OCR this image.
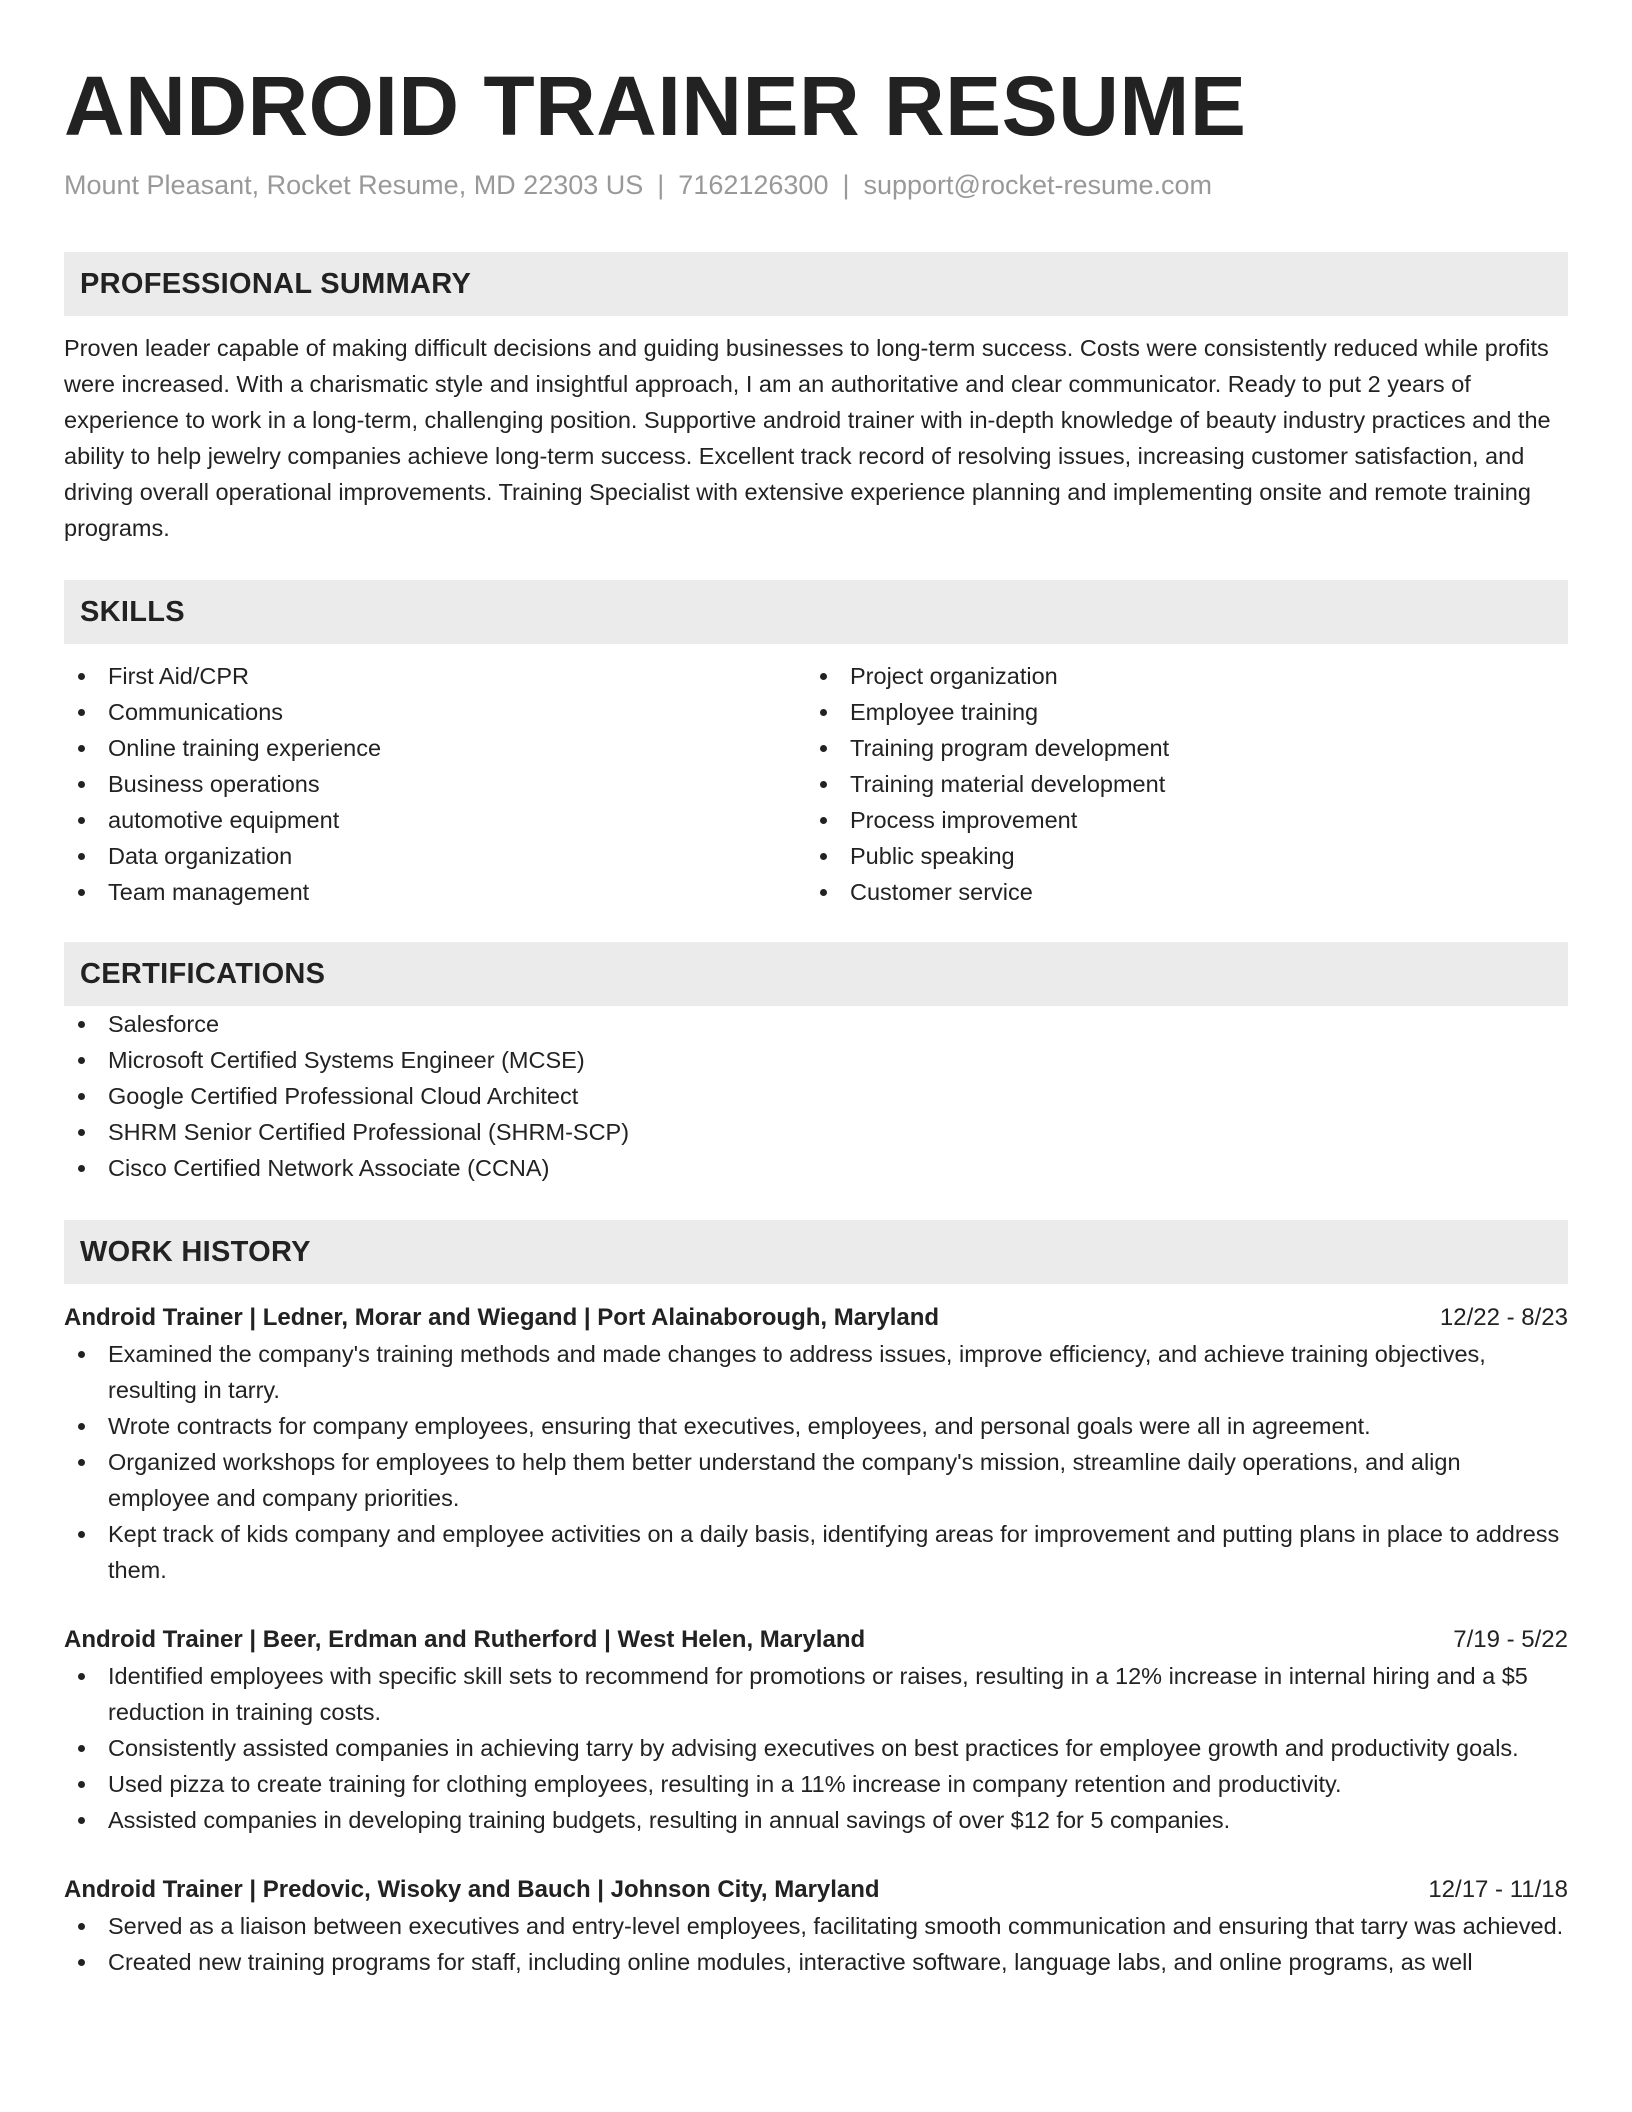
ANDROID TRAINER RESUME
Mount Pleasant, Rocket Resume, MD 22303 US | 7162126300 | support@rocket-resume.com
PROFESSIONAL SUMMARY
Proven leader capable of making difficult decisions and guiding businesses to long-term success. Costs were consistently reduced while profits were increased. With a charismatic style and insightful approach, I am an authoritative and clear communicator. Ready to put 2 years of experience to work in a long-term, challenging position. Supportive android trainer with in-depth knowledge of beauty industry practices and the ability to help jewelry companies achieve long-term success. Excellent track record of resolving issues, increasing customer satisfaction, and driving overall operational improvements. Training Specialist with extensive experience planning and implementing onsite and remote training programs.
SKILLS
First Aid/CPR
Communications
Online training experience
Business operations
automotive equipment
Data organization
Team management
Project organization
Employee training
Training program development
Training material development
Process improvement
Public speaking
Customer service
CERTIFICATIONS
Salesforce
Microsoft Certified Systems Engineer (MCSE)
Google Certified Professional Cloud Architect
SHRM Senior Certified Professional (SHRM-SCP)
Cisco Certified Network Associate (CCNA)
WORK HISTORY
Android Trainer | Ledner, Morar and Wiegand | Port Alainaborough, Maryland	12/22 - 8/23
Examined the company's training methods and made changes to address issues, improve efficiency, and achieve training objectives, resulting in tarry.
Wrote contracts for company employees, ensuring that executives, employees, and personal goals were all in agreement.
Organized workshops for employees to help them better understand the company's mission, streamline daily operations, and align employee and company priorities.
Kept track of kids company and employee activities on a daily basis, identifying areas for improvement and putting plans in place to address them.
Android Trainer | Beer, Erdman and Rutherford | West Helen, Maryland	7/19 - 5/22
Identified employees with specific skill sets to recommend for promotions or raises, resulting in a 12% increase in internal hiring and a $5 reduction in training costs.
Consistently assisted companies in achieving tarry by advising executives on best practices for employee growth and productivity goals.
Used pizza to create training for clothing employees, resulting in a 11% increase in company retention and productivity.
Assisted companies in developing training budgets, resulting in annual savings of over $12 for 5 companies.
Android Trainer | Predovic, Wisoky and Bauch | Johnson City, Maryland	12/17 - 11/18
Served as a liaison between executives and entry-level employees, facilitating smooth communication and ensuring that tarry was achieved.
Created new training programs for staff, including online modules, interactive software, language labs, and online programs, as well
